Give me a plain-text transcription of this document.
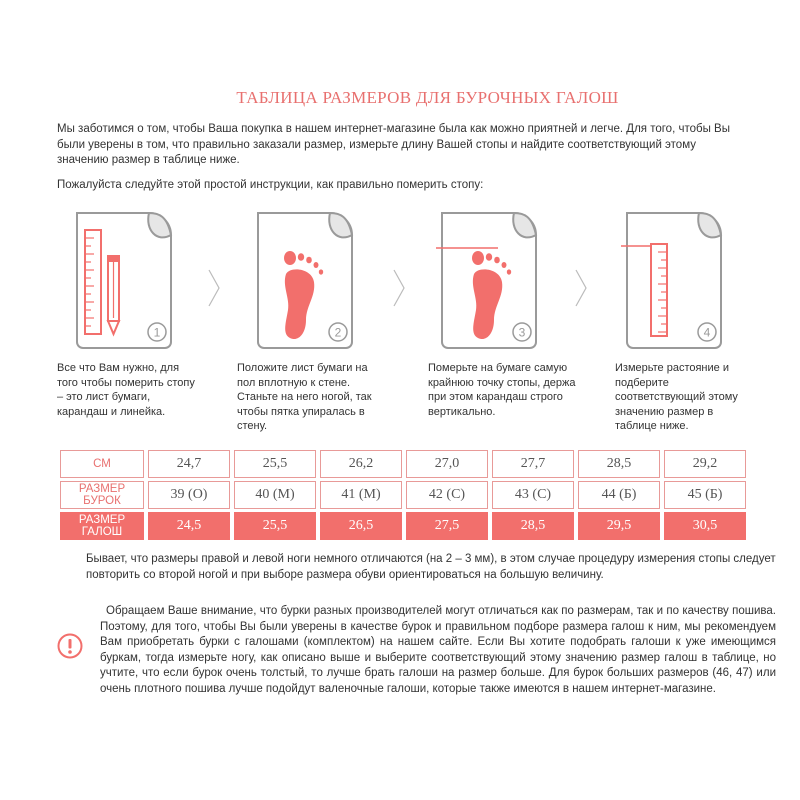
ТАБЛИЦА РАЗМЕРОВ ДЛЯ БУРОЧНЫХ ГАЛОШ
Мы заботимся о том, чтобы Ваша покупка в нашем интернет-магазине была как можно приятней и легче. Для того, чтобы Вы были уверены в том, что правильно заказали размер, измерьте длину Вашей стопы и найдите соответствующий этому значению размер в таблице ниже.
Пожалуйста следуйте этой простой инструкции, как правильно померить стопу:
1	2	3	4
Все что Вам нужно, для того чтобы померить стопу – это лист бумаги, карандаш и линейка.
Положите лист бумаги на пол вплотную к стене. Станьте на него ногой, так чтобы пятка упиралась в стену.
Померьте на бумаге самую крайнюю точку стопы, держа при этом карандаш строго вертикально.
Измерьте растояние и подберите соответствующий этому значению размер в таблице ниже.
СМ	24,7	25,5	26,2	27,0	27,7	28,5	29,2
РАЗМЕР БУРОК	39 (О)	40 (М)	41 (М)	42 (С)	43 (С)	44 (Б)	45 (Б)
РАЗМЕР ГАЛОШ	24,5	25,5	26,5	27,5	28,5	29,5	30,5
Бывает, что размеры правой и левой ноги немного отличаются (на 2 – 3 мм), в этом случае процедуру измерения стопы следует повторить со второй ногой и при выборе размера обуви ориентироваться на большую величину.
Обращаем Ваше внимание, что бурки разных производителей могут отличаться как по размерам, так и по качеству пошива. Поэтому, для того, чтобы Вы были уверены в качестве бурок и правильном подборе размера галош к ним, мы рекомендуем Вам приобретать бурки с галошами (комплектом) на нашем сайте. Если Вы хотите подобрать галоши к уже имеющимся буркам, тогда измерьте ногу, как описано выше и выберите соответствующий этому значению размер галош в таблице, но учтите, что если бурок очень толстый, то лучше брать галоши на размер больше. Для бурок больших размеров (46, 47) или очень плотного пошива лучше подойдут валеночные галоши, которые также имеются в нашем интернет-магазине.
